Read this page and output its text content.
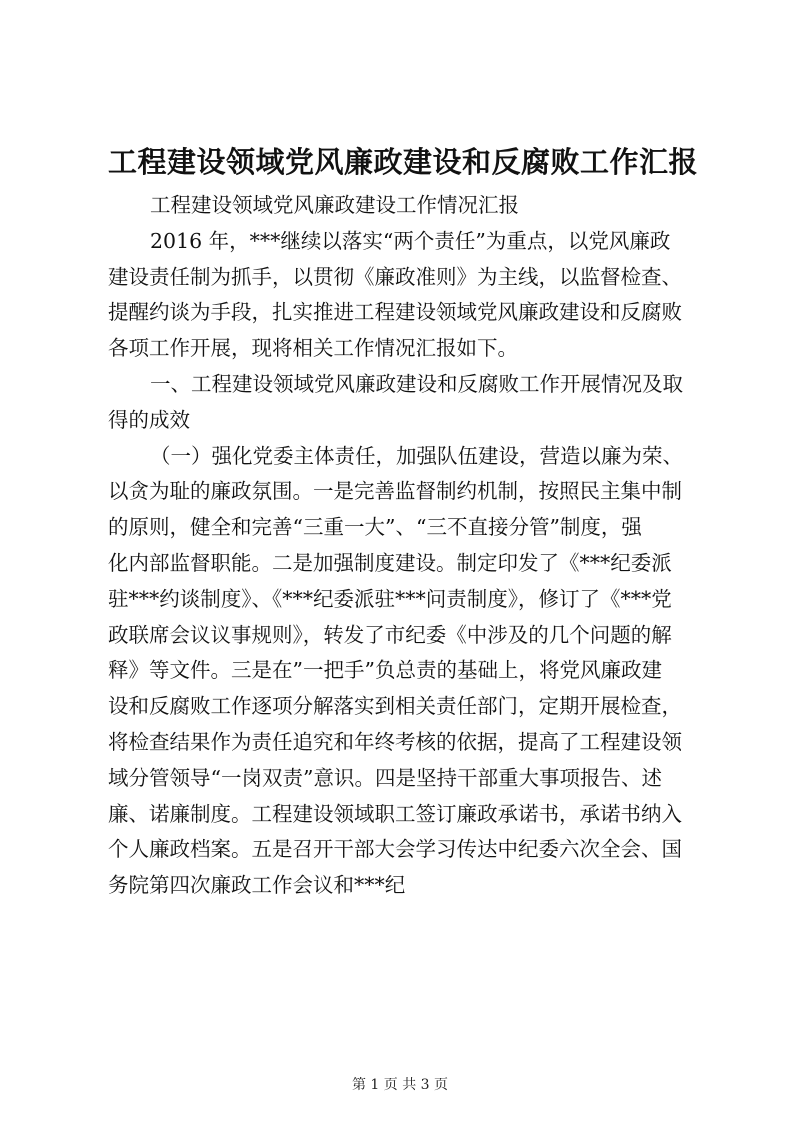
工程建设领域党风廉政建设和反腐败工作汇报

工程建设领域党风廉政建设工作情况汇报
2016 年，***继续以落实“两个责任”为重点，以党风廉政
建设责任制为抓手，以贯彻《廉政准则》为主线，以监督检查、
提醒约谈为手段，扎实推进工程建设领域党风廉政建设和反腐败
各项工作开展，现将相关工作情况汇报如下。
一、工程建设领域党风廉政建设和反腐败工作开展情况及取
得的成效
（一）强化党委主体责任，加强队伍建设，营造以廉为荣、
以贪为耻的廉政氛围。一是完善监督制约机制，按照民主集中制
的原则，健全和完善“三重一大”、“三不直接分管”制度，强
化内部监督职能。二是加强制度建设。制定印发了《***纪委派
驻***约谈制度》、《***纪委派驻***问责制度》，修订了《***党
政联席会议议事规则》，转发了市纪委《中涉及的几个问题的解
释》等文件。三是在”一把手”负总责的基础上，将党风廉政建
设和反腐败工作逐项分解落实到相关责任部门，定期开展检查，
将检查结果作为责任追究和年终考核的依据，提高了工程建设领
域分管领导“一岗双责”意识。四是坚持干部重大事项报告、述
廉、诺廉制度。工程建设领域职工签订廉政承诺书，承诺书纳入
个人廉政档案。五是召开干部大会学习传达中纪委六次全会、国
务院第四次廉政工作会议和***纪

第 1 页 共 3 页
